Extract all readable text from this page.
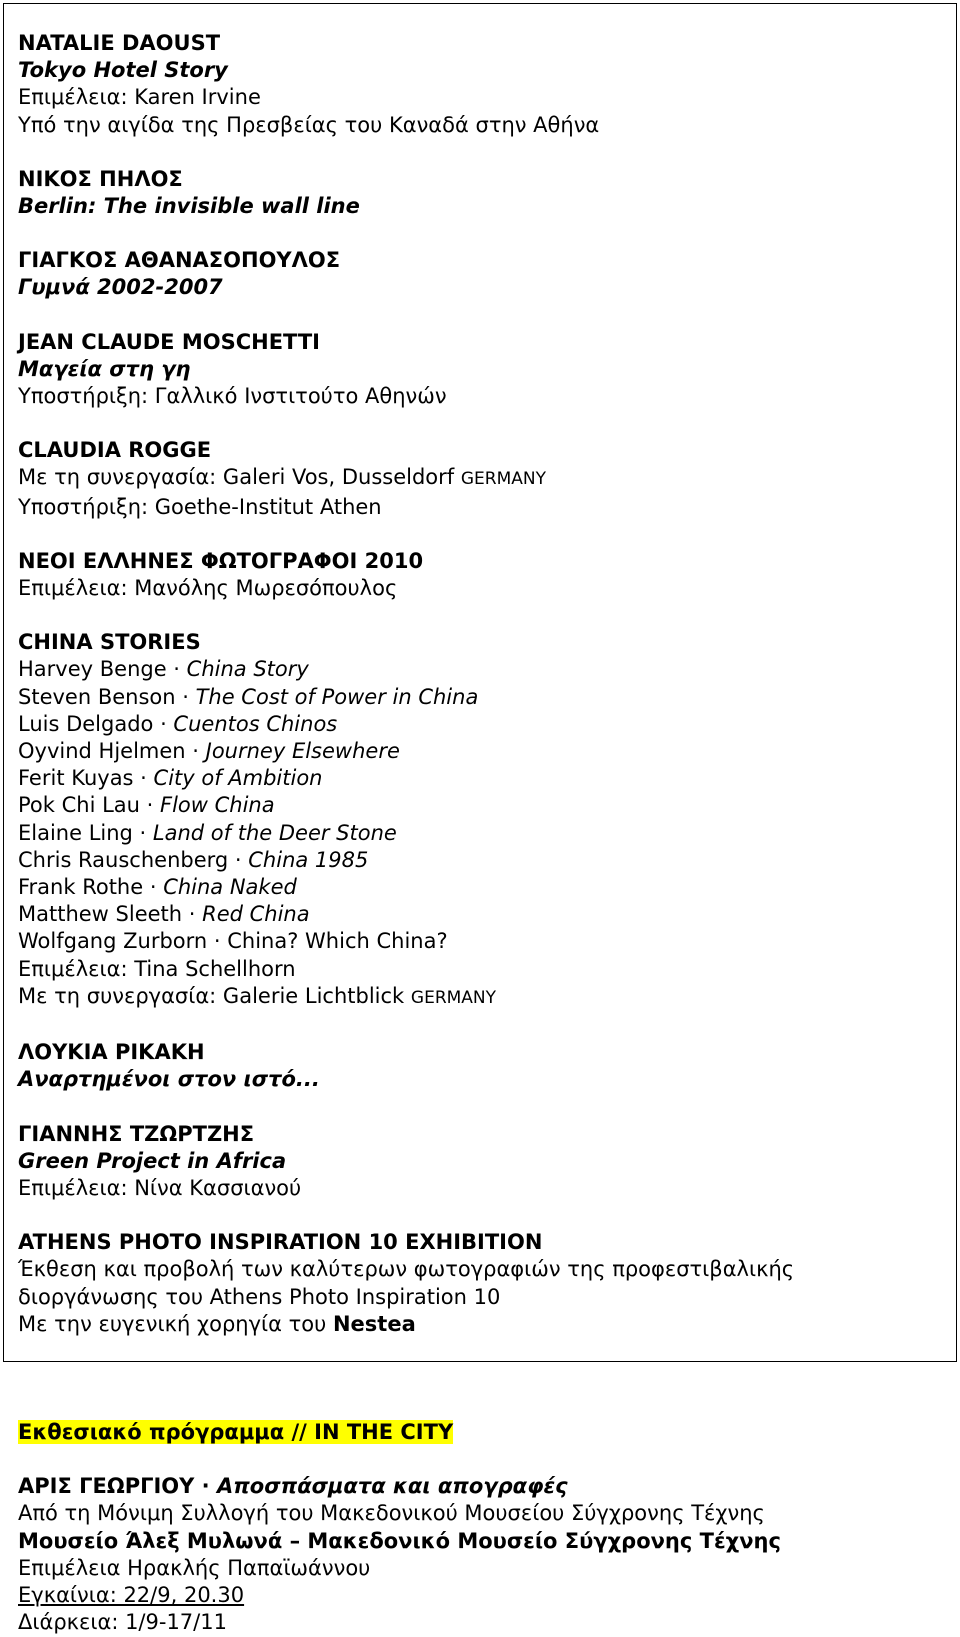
NATALIE DAOUST
Tokyo Hotel Story
Επιμέλεια: Karen Irvine
Υπό την αιγίδα της Πρεσβείας του Καναδά στην Αθήνα
ΝΙΚΟΣ ΠΗΛΟΣ
Berlin: The invisible wall line
ΓΙΑΓΚΟΣ ΑΘΑΝΑΣΟΠΟΥΛΟΣ
Γυμνά 2002-2007
JEAN CLAUDE MOSCHETTI
Μαγεία στη γη
Υποστήριξη: Γαλλικό Ινστιτούτο Αθηνών
CLAUDIA ROGGE
Με τη συνεργασία: Galeri Vos, Dusseldorf GERMANY
Υποστήριξη: Goethe-Institut Athen
ΝΕΟΙ ΕΛΛΗΝΕΣ ΦΩΤΟΓΡΑΦΟΙ 2010
Επιμέλεια: Μανόλης Μωρεσόπουλος
CHINA STORIES
Harvey Benge · China Story
Steven Benson · The Cost of Power in China
Luis Delgado · Cuentos Chinos
Oyvind Hjelmen · Journey Elsewhere
Ferit Kuyas · City of Ambition
Pok Chi Lau · Flow China
Elaine Ling · Land of the Deer Stone
Chris Rauschenberg · China 1985
Frank Rothe · China Naked
Matthew Sleeth · Red China
Wolfgang Zurborn · China? Which China?
Επιμέλεια: Tina Schellhorn
Με τη συνεργασία: Galerie Lichtblick GERMANY
ΛΟΥΚΙΑ ΡΙΚΑΚΗ
Αναρτημένοι στον ιστό...
ΓΙΑΝΝΗΣ ΤΖΩΡΤΖΗΣ
Green Project in Africa
Επιμέλεια: Νίνα Κασσιανού
ATHENS PHOTO INSPIRATION 10 EXHIBITION
Έκθεση και προβολή των καλύτερων φωτογραφιών της προφεστιβαλικής
διοργάνωσης του Athens Photo Inspiration 10
Με την ευγενική χορηγία του Nestea
Εκθεσιακό πρόγραμμα // IN THE CITY
ΑΡΙΣ ΓΕΩΡΓΙΟΥ · Αποσπάσματα και απογραφές
Από τη Μόνιμη Συλλογή του Μακεδονικού Μουσείου Σύγχρονης Τέχνης
Μουσείο Άλεξ Μυλωνά – Μακεδονικό Μουσείο Σύγχρονης Τέχνης
Επιμέλεια Ηρακλής Παπαϊωάννου
Εγκαίνια: 22/9, 20.30
Διάρκεια: 1/9-17/11
